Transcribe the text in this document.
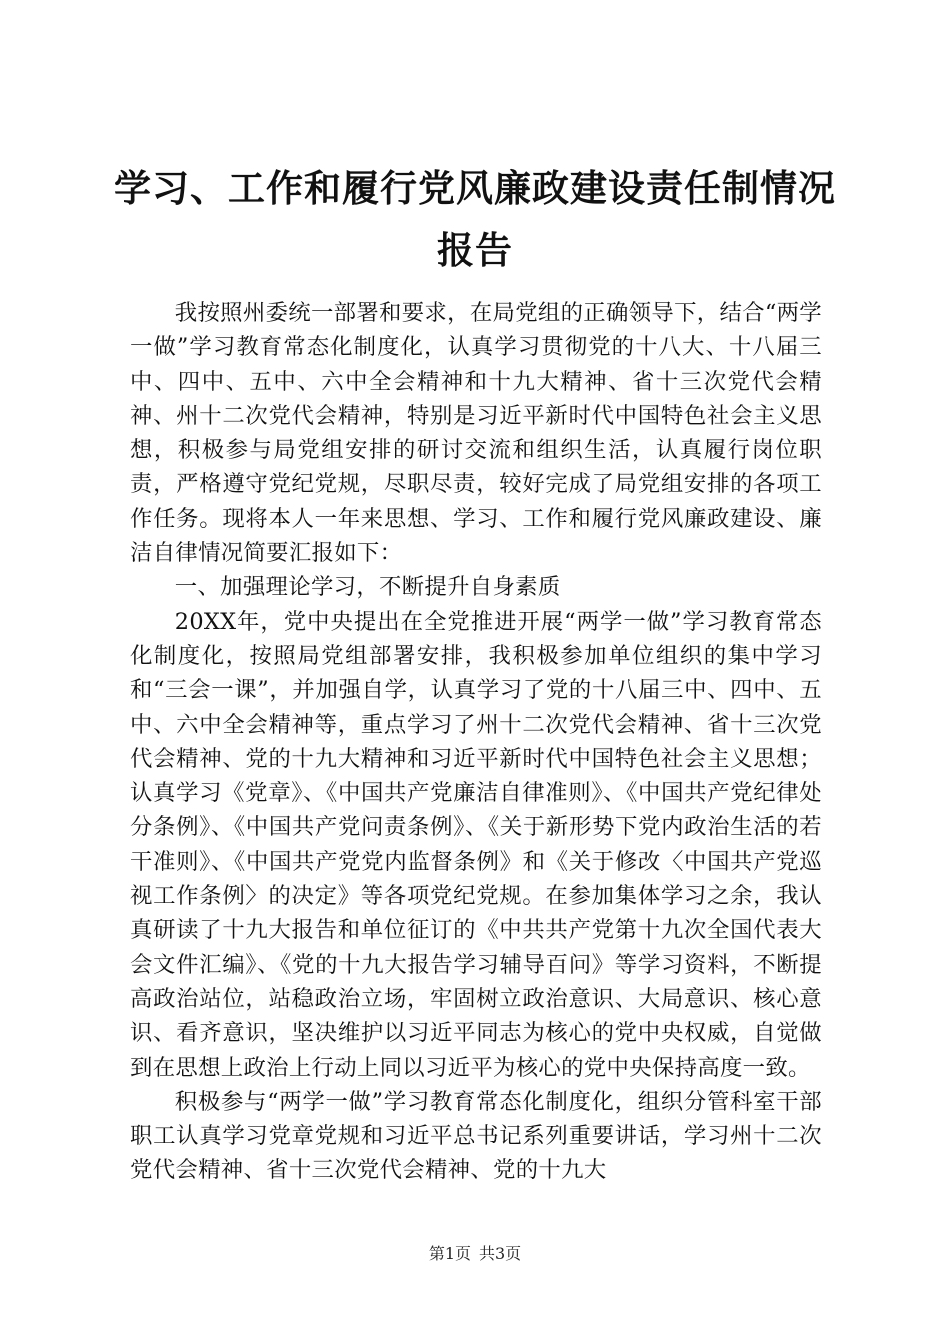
学习、工作和履行党风廉政建设责任制情况报告

我按照州委统一部署和要求，在局党组的正确领导下，结合“两学一做”学习教育常态化制度化，认真学习贯彻党的十八大、十八届三中、四中、五中、六中全会精神和十九大精神、省十三次党代会精神、州十二次党代会精神，特别是习近平新时代中国特色社会主义思想，积极参与局党组安排的研讨交流和组织生活，认真履行岗位职责，严格遵守党纪党规，尽职尽责，较好完成了局党组安排的各项工作任务。现将本人一年来思想、学习、工作和履行党风廉政建设、廉洁自律情况简要汇报如下：

一、加强理论学习，不断提升自身素质

20XX年，党中央提出在全党推进开展“两学一做”学习教育常态化制度化，按照局党组部署安排，我积极参加单位组织的集中学习和“三会一课”，并加强自学，认真学习了党的十八届三中、四中、五中、六中全会精神等，重点学习了州十二次党代会精神、省十三次党代会精神、党的十九大精神和习近平新时代中国特色社会主义思想；认真学习《党章》、《中国共产党廉洁自律准则》、《中国共产党纪律处分条例》、《中国共产党问责条例》、《关于新形势下党内政治生活的若干准则》、《中国共产党党内监督条例》和《关于修改〈中国共产党巡视工作条例〉的决定》等各项党纪党规。在参加集体学习之余，我认真研读了十九大报告和单位征订的《中共共产党第十九次全国代表大会文件汇编》、《党的十九大报告学习辅导百问》等学习资料，不断提高政治站位，站稳政治立场，牢固树立政治意识、大局意识、核心意识、看齐意识，坚决维护以习近平同志为核心的党中央权威，自觉做到在思想上政治上行动上同以习近平为核心的党中央保持高度一致。

积极参与“两学一做”学习教育常态化制度化，组织分管科室干部职工认真学习党章党规和习近平总书记系列重要讲话，学习州十二次党代会精神、省十三次党代会精神、党的十九大

第1页 共3页
